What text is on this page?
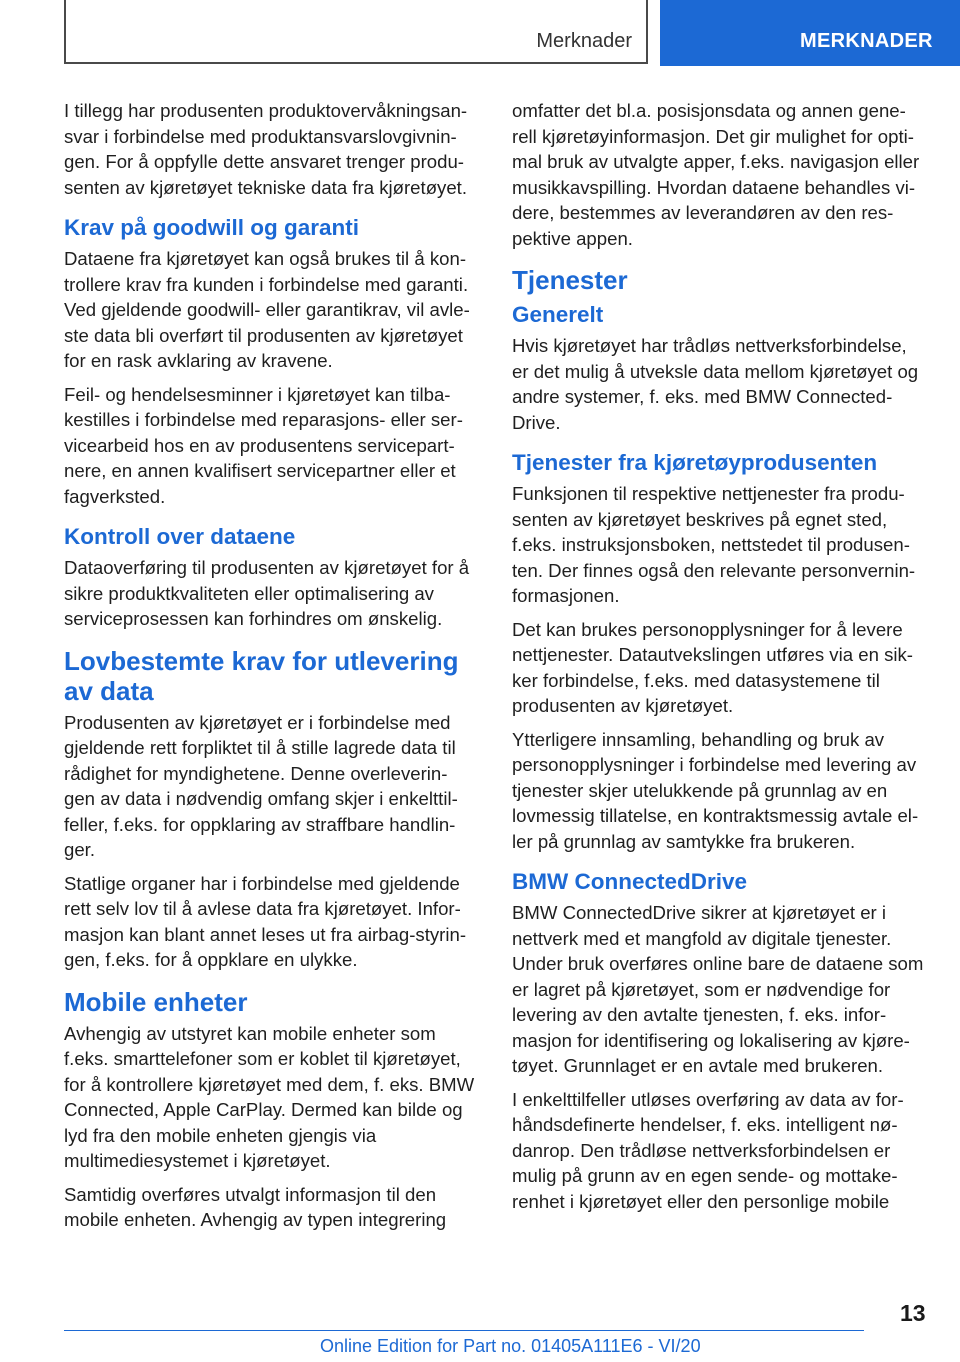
Merknader	MERKNADER

I tillegg har produsenten produktovervåkningsan-svar i forbindelse med produktansvarslovgivnin-gen. For å oppfylle dette ansvaret trenger produ-senten av kjøretøyet tekniske data fra kjøretøyet.

Krav på goodwill og garanti

Dataene fra kjøretøyet kan også brukes til å kon-trollere krav fra kunden i forbindelse med garanti. Ved gjeldende goodwill- eller garantikrav, vil avle-ste data bli overført til produsenten av kjøretøyet for en rask avklaring av kravene.

Feil- og hendelsesminner i kjøretøyet kan tilba-kestilles i forbindelse med reparasjons- eller ser-vicearbeid hos en av produsentens servicepart-nere, en annen kvalifisert servicepartner eller et fagverksted.

Kontroll over dataene

Dataoverføring til produsenten av kjøretøyet for å sikre produktkvaliteten eller optimalisering av serviceprosessen kan forhindres om ønskelig.

Lovbestemte krav for utlevering av data

Produsenten av kjøretøyet er i forbindelse med gjeldende rett forpliktet til å stille lagrede data til rådighet for myndighetene. Denne overleverin-gen av data i nødvendig omfang skjer i enkelttil-feller, f.eks. for oppklaring av straffbare handlin-ger.

Statlige organer har i forbindelse med gjeldende rett selv lov til å avlese data fra kjøretøyet. Infor-masjon kan blant annet leses ut fra airbag-styrin-gen, f.eks. for å oppklare en ulykke.

Mobile enheter

Avhengig av utstyret kan mobile enheter som f.eks. smarttelefoner som er koblet til kjøretøyet, for å kontrollere kjøretøyet med dem, f. eks. BMW Connected, Apple CarPlay. Dermed kan bilde og lyd fra den mobile enheten gjengis via multimediesystemet i kjøretøyet.

Samtidig overføres utvalgt informasjon til den mobile enheten. Avhengig av typen integrering

omfatter det bl.a. posisjonsdata og annen gene-rell kjøretøyinformasjon. Det gir mulighet for opti-mal bruk av utvalgte apper, f.eks. navigasjon eller musikkavspilling. Hvordan dataene behandles vi-dere, bestemmes av leverandøren av den res-pektive appen.

Tjenester
Generelt

Hvis kjøretøyet har trådløs nettverksforbindelse, er det mulig å utveksle data mellom kjøretøyet og andre systemer, f. eks. med BMW Connected-Drive.

Tjenester fra kjøretøyprodusenten

Funksjonen til respektive nettjenester fra produ-senten av kjøretøyet beskrives på egnet sted, f.eks. instruksjonsboken, nettstedet til produsen-ten. Der finnes også den relevante personvernin-formasjonen.

Det kan brukes personopplysninger for å levere nettjenester. Datautvekslingen utføres via en sik-ker forbindelse, f.eks. med datasystemene til produsenten av kjøretøyet.

Ytterligere innsamling, behandling og bruk av personopplysninger i forbindelse med levering av tjenester skjer utelukkende på grunnlag av en lovmessig tillatelse, en kontraktsmessig avtale el-ler på grunnlag av samtykke fra brukeren.

BMW ConnectedDrive

BMW ConnectedDrive sikrer at kjøretøyet er i nettverk med et mangfold av digitale tjenester. Under bruk overføres online bare de dataene som er lagret på kjøretøyet, som er nødvendige for levering av den avtalte tjenesten, f. eks. infor-masjon for identifisering og lokalisering av kjøre-tøyet. Grunnlaget er en avtale med brukeren.

I enkelttilfeller utløses overføring av data av for-håndsdefinerte hendelser, f. eks. intelligent nø-danrop. Den trådløse nettverksforbindelsen er mulig på grunn av en egen sende- og mottake-renhet i kjøretøyet eller den personlige mobile

13
Online Edition for Part no. 01405A111E6 - VI/20
